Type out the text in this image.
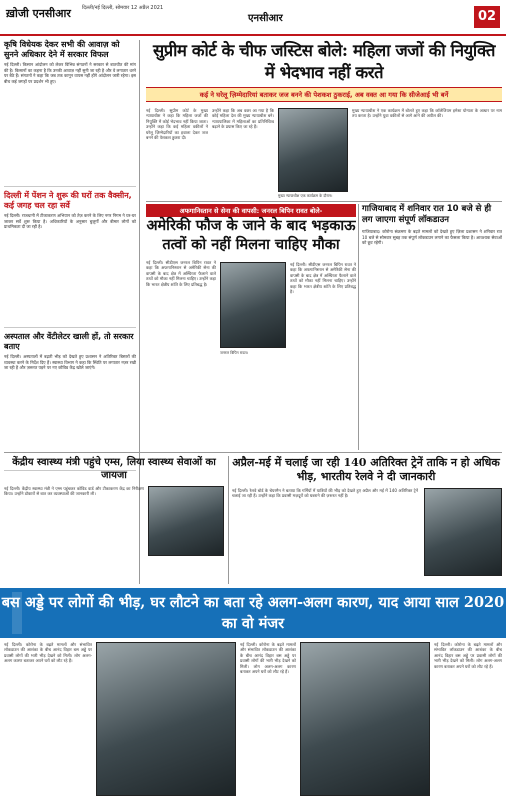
ख़ोजी एनसीआर दिल्ली/नई दिल्ली, सोमवार 12 अप्रैल 2021
एनसीआर	02
कृषि विधेयक देकर सभी की आवाज़ को सुनने अधिकार देने में सरकार विफल
नई दिल्ली। किसान आंदोलन को लेकर विभिन्न संगठनों ने सरकार से बातचीत की मांग की है। किसानों का कहना है कि उनकी आवाज़ नहीं सुनी जा रही है और वे लगातार धरने पर बैठे हैं। संगठनों ने कहा कि जब तक कानून वापस नहीं होंगे आंदोलन जारी रहेगा। इस बीच कई जगहों पर प्रदर्शन भी हुए।
दिल्ली में पेंशन ने शुरू की घरों तक वैक्सीन, कई जगह चल रहा सर्वे
नई दिल्ली। राजधानी में टीकाकरण अभियान को तेज़ करने के लिए नगर निगम ने घर-घर जाकर सर्वे शुरू किया है। अधिकारियों के अनुसार बुज़ुर्गों और बीमार लोगों को प्राथमिकता दी जा रही है।
अस्पताल और वेंटीलेटर खाली हों, तो सरकार बताए
नई दिल्ली। अस्पतालों में बढ़ती भीड़ को देखते हुए प्रशासन ने अतिरिक्त बिस्तरों की व्यवस्था करने के निर्देश दिए हैं। स्वास्थ्य विभाग ने कहा कि स्थिति पर लगातार नज़र रखी जा रही है और ज़रूरत पड़ने पर नए कोविड केंद्र खोले जाएंगे।
सुप्रीम कोर्ट के चीफ जस्टिस बोले: महिला जजों की नियुक्ति में भेदभाव नहीं करते
कई ने घरेलू ज़िम्मेदारियां बताकर जज बनने की पेशकश ठुकराई, अब वक्त आ गया कि सीजेआई भी बनें
नई दिल्ली। सुप्रीम कोर्ट के मुख्य न्यायाधीश ने कहा कि महिला जजों की नियुक्ति में कोई भेदभाव नहीं किया जाता। उन्होंने कहा कि कई महिला वकीलों ने घरेलू ज़िम्मेदारियों का हवाला देकर जज बनने की पेशकश ठुकरा दी।
उन्होंने कहा कि अब वक्त आ गया है कि कोई महिला देश की मुख्य न्यायाधीश बने। न्यायपालिका में महिलाओं का प्रतिनिधित्व बढ़ाने के प्रयास किए जा रहे हैं।
मुख्य न्यायाधीश एक कार्यक्रम के दौरान।
मुख्य न्यायाधीश ने एक कार्यक्रम में बोलते हुए कहा कि कॉलेजियम हमेशा योग्यता के आधार पर नाम तय करता है। उन्होंने युवा वकीलों से आगे आने की अपील की।
अफगानिस्तान से सेना की वापसी: जनरल बिपिन रावत बोले-
अमेरिकी फौज के जाने के बाद भड़काऊ तत्वों को नहीं मिलना चाहिए मौका
नई दिल्ली। सीडीएस जनरल बिपिन रावत ने कहा कि अफगानिस्तान से अमेरिकी सेना की वापसी के बाद क्षेत्र में अस्थिरता फैलाने वाले तत्वों को मौका नहीं मिलना चाहिए। उन्होंने कहा कि भारत क्षेत्रीय शांति के लिए प्रतिबद्ध है।
जनरल बिपिन रावत।
नई दिल्ली। सीडीएस जनरल बिपिन रावत ने कहा कि अफगानिस्तान से अमेरिकी सेना की वापसी के बाद क्षेत्र में अस्थिरता फैलाने वाले तत्वों को मौका नहीं मिलना चाहिए। उन्होंने कहा कि भारत क्षेत्रीय शांति के लिए प्रतिबद्ध है।
गाजियाबाद में शनिवार रात 10 बजे से ही लग जाएगा संपूर्ण लॉकडाउन
गाजियाबाद। कोरोना संक्रमण के बढ़ते मामलों को देखते हुए ज़िला प्रशासन ने शनिवार रात 10 बजे से सोमवार सुबह तक संपूर्ण लॉकडाउन लगाने का फैसला किया है। आवश्यक सेवाओं को छूट रहेगी।
केंद्रीय स्वास्थ्य मंत्री पहुंचे एम्स, लिया स्वास्थ्य सेवाओं का जायजा
नई दिल्ली। केंद्रीय स्वास्थ्य मंत्री ने एम्स पहुंचकर कोविड वार्ड और टीकाकरण केंद्र का निरीक्षण किया। उन्होंने डॉक्टरों से बात कर व्यवस्थाओं की जानकारी ली।
अप्रैल-मई में चलाई जा रही 140 अतिरिक्त ट्रेनें ताकि न हो अधिक भीड़, भारतीय रेलवे ने दी जानकारी
नई दिल्ली। रेलवे बोर्ड के चेयरमैन ने बताया कि गर्मियों में यात्रियों की भीड़ को देखते हुए अप्रैल और मई में 140 अतिरिक्त ट्रेनें चलाई जा रही हैं। उन्होंने कहा कि प्रवासी मज़दूरों को घबराने की ज़रूरत नहीं है।
बस अड्डे पर लोगों की भीड़, घर लौटने का बता रहे अलग-अलग कारण, याद आया साल 2020 का वो मंजर
नई दिल्ली। कोरोना के बढ़ते मामलों और संभावित लॉकडाउन की आशंका के बीच आनंद विहार बस अड्डे पर प्रवासी लोगों की भारी भीड़ देखने को मिली। लोग अलग-अलग कारण बताकर अपने घरों को लौट रहे हैं।
नई दिल्ली। कोरोना के बढ़ते मामलों और संभावित लॉकडाउन की आशंका के बीच आनंद विहार बस अड्डे पर प्रवासी लोगों की भारी भीड़ देखने को मिली। लोग अलग-अलग कारण बताकर अपने घरों को लौट रहे हैं।
नई दिल्ली। कोरोना के बढ़ते मामलों और संभावित लॉकडाउन की आशंका के बीच आनंद विहार बस अड्डे पर प्रवासी लोगों की भारी भीड़ देखने को मिली। लोग अलग-अलग कारण बताकर अपने घरों को लौट रहे हैं।
